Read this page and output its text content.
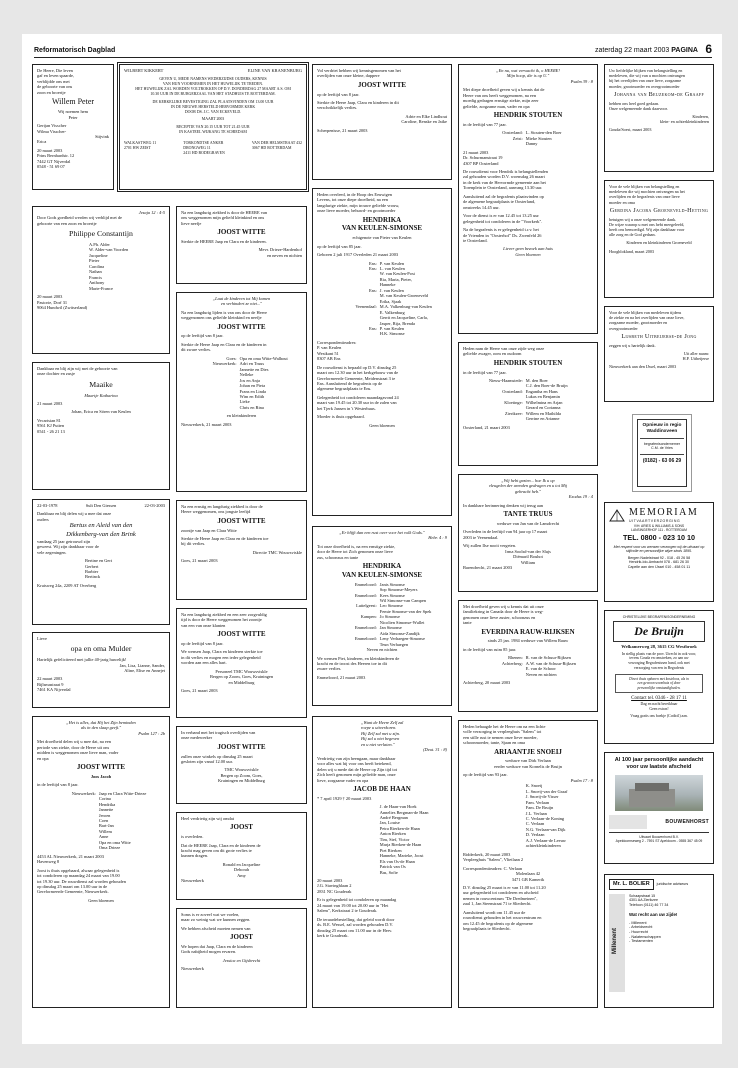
Reformatorisch Dagblad	zaterdag 22 maart 2003 PAGINA 6

De Heere, Die leven

gaf en leven spaarde,

verblijdde ons met

de geboorte van ons

zoon en broertje

Willem Peter

Wij noemen hem

Peter

Gertjan Visscher

Wilma Visscher-

Stijvink

Erica

20 maart 2003

Prins Bernhardstr. 12

7442 GT Nijverdal

0548 - 51 69 07

Jesaja 12 : 4-5

Door Gods goedheid werden wij verblijd met de

geboorte van een zoon en broertje

Philippe Constantijn

A.Ph. Alder

W. Alder-van Voorden

Jacqueline

Pieter

Carolina

Nathan

Francis

Anthony

Marie-France

20 maart 2003

Pastorie, Dorf 31

9064 Hundwil (Zwitserland)

Dankbaar en blij zijn wij met de geboorte van

onze dochter en zusje

Maaike

Maartje Katharina

21 maart 2003

Johan, Erica en Sören van Keulen

Vecartsian 81

9561 KJ Putten

0541 - 26 21 13

22-03-1978	Sult Den Giessen	22-03-2003

Dankbaar en blij delen wij u mee dat onze

ouders

Bertus en Aleid van den

Dikkenberg-van den Brink

vandaag 25 jaar getrouwd zijn

geweest. Wij zijn dankbaar voor de

vele zegeningen.

Bertine en Gert

Gerbert

Barbier

Bertinck

Kruisweg 24a, 2209 AT Overberg

Lieve

opa en oma Mulder

Hartelijk gefeliciteerd met jullie 40-jarig huwelijk!

Jan, Lisa, Lianne, Sander,

Aline, Elise en Annejet

22 maart 2003

Bijlsmastraat 9

7461 KA Nijverdal

„Het is alles, dat Hij het Zijn beminden

als in den slaap geeft."

Psalm 127 : 2b

Met droefheid delen wij u mee dat, na een

periode van ziekte, door de Heere uit ons

midden is weggenomen onze lieve man, vader

en opa

JOOST WITTE

Joos Jacob

in de leeftijd van 8 jaar.

Nieuwerkerk: Jaap en Clara Witte-Drieze
Corina
Hendrika
Jannette
Jeroen
Coen
Bart-Jan
Willem
Anne
Opa en oma Witte
Oma Drieze

4453 AL Nieuwerkerk, 21 maart 2003

Havenweg 8

Joost is thuis opgebaard, alwaar gelegenheid is

tot condoleren op maandag 24 maart van 19.00

tot 19.30 uur. De rouwdienst zal worden gehouden

op dinsdag 25 maart om 13.00 uur in de

Gereformeerde Gemeente, Nieuwerkerk.

Geen bloemen

WILBERT KIKKERT	ELINE VAN KRANENBURG

GEVEN U, MEDE NAMENS WEDERZIJDSE OUDERS, KENNIS

VAN HUN VOORNEMEN IN HET HUWELIJK TE TREDEN.

HET HUWELIJK ZAL WORDEN VOLTROKKEN OP D.V. DONDERDAG 27 MAART A.S. OM

10.30 UUR IN DE BURGERZAAL VAN HET STADHUIS TE ROTTERDAM.

DE KERKELIJKE BEVESTIGING ZAL PLAATSVINDEN OM 13.00 UUR

IN DE NIEUWE HERSTELD HERVORMDE KERK

DOOR DS. J.C. VAN ECKEVELD.

MAART 2003

RECEPTIE VAN 20.15 UUR TOT 21.45 UUR

IN KASTEEL WIJKANG TE SCHIEDAM

WALKASTWEG 11

2701 HW ZEIST

TORKONDTSE ANKER

DRONGWEG 11

2411 HD BODEGRAVEN

VAN DER HELMSTRAAT 432

3067 HD ROTTERDAM

Na een langdurig ziekbed is door de HEERE van

ons weggenomen mijn geliefd kleinkind en ons

lieve neefje

JOOST WITTE

Sterkte de HEERE Jaap en Clara en de kinderen.

Mevr. Drieze-Hardenhof

en neven en nichten

„Laat de kinderen tot Mij komen

en verhindert ze niet..."

Na een langdurig lijden is van ons door de Heere

weggenomen ons geliefde kleinkind en neefje

JOOST WITTE

op de leeftijd van 8 jaar.

Sterkte de Heere Jaap en Clara en de kinderen in

dit zware verlies.

Goes: Opa en oma Witte-Walhout
Nieuwerkerk: Adri en Truus
Jannette en Dies
Nelleke
Jos en Anja
Johan en Pieta
Frans en Linda
Wim en Edith
Lieke
Chris en Rina

en kleinkinderen

Nieuwerkerk, 21 maart 2003

Na een ernstig en langdurig ziekbed is door de

Heere weggenomen, ons jongste leefijd

JOOST WITTE

zoontje van Jaap en Clara Witte

Sterkte de Heere Jaap en Clara en de kinderen toe

bij dit verlies.

Directie TMC Wouwsviskle

Goes, 21 maart 2003

Na een langdurig ziekbed en een zeer zorgvuldig

tijd is door de Heere weggenomen het zoontje

van een van onze klanten

JOOST WITTE

op de leeftijd van 8 jaar.

We wensen Jaap, Clara en kinderen sterkte toe

in dit verlies en mogen een ieder gelegenheid

worden aan een alles hart.

Personeel TMC Wouwsviskle

Bergen op Zoom, Goes, Kruiningen

en Middelburg

Goes, 21 maart 2003

In verband met het tragisch overlijden van

onze medewerker

JOOST WITTE

zullen onze winkels op dinsdag 25 maart

gesloten zijn vanaf 12.00 uur.

TMC Wouwsviskle

Bergen op Zoom, Goes,

Kruiningen en Middelburg

Heel verdrietig zijn wij omdat

JOOST

is overleden.

Dat de HEERE Jaap, Clara en de kinderen de

kracht mag geven om dit grote verlies te

kunnen dragen.

Ronald en Jacqueline

Deborah

Amy

Nieuwerkerk

Soms is er zoveel wat we voelen,

maar zo weinig wat we kunnen zeggen.

We hebben afscheid moeten nemen van

JOOST

We hopen dat Jaap, Clara en de kinderen

Gods nabijheid mogen ervaren.

Jessica en Gijsbrecht

Nieuwerkerk

Vol verdriet hebben wij kennisgenomen van het

overlijden van onze kleine, dappere

JOOST WITTE

op de leeftijd van 8 jaar.

Sterkte de Heere Jaap, Clara en kinderen in dit

verschrikkelijk verlies.

Adrie en Elke Lindhout

Caroline, Renske en Jaike

Scherpenisse, 21 maart 2003

Heden overleed, in de Hoop des Eeuwigen

Levens, tot onze diepe droefheid, na een

langdurige ziekte, mijn trouwe geliefde vrouw,

onze lieve moeder, behuwd- en grootmoeder

HENDRIKA
VAN KEULEN-SIMONSE

echtgenote van Pieter van Keulen

op de leeftijd van 85 jaar.

Geboren 2 juli 1917 Overleden 21 maart 2003

Ens: P. van Keulen
Ens: L. van Keulen
W. van Keulen-Post
Ria, Maria, Pieter,
Hanneke
Ens: J. van Keulen
M. van Keulen-Groeneveld
Erika, Sjaak
Veenendaal: M.A. Valkenburg-van Keulen
E. Valkenburg
Gerrit en Jacqueline, Carla,
Jasper, Rija, Brenda
Ens: P. van Keulen
H.K. Simonse

Correspondentieadres:

P. van Keulen

Westkant 51

8307 AB Ens

De rouwdienst is bepaald op D.V. dinsdag 25

maart om 12.30 uur in het kerkgebouw van de

Gereformeerde Gemeente, Meidenstraat 3 te

Ens. Aansluitend de begrafenis op de

algemene begraafplaats te Ens.

Gelegenheid tot condoleren maandagavond 24

maart van 19.45 tot 20.30 uur in de zalen van

het Tjerk Jansen in 't Westerhuus.

Moeder is thuis opgebaard.

Geen bloemen

„Er blijft dan een rust over voor het volk Gods."

Hebr. 4 : 9

Tot onze droefheid is, na een ernstige ziekte,

door de Heere tot Zich genomen onze lieve

zus, schoonzus en tante

HENDRIKA
VAN KEULEN-SIMONSE
Emmeloord: Janis Simonse
Sop Simonse-Meyers
Emmeloord: Kees Simonse
Wil Simonse-van Campen
Luttelgeest: Leo Simonse
Femie Simonse-van der Spek
Kampen: Jo Simonse
Nicolien Simonse-Wullet
Emmeloord: Jan Simonse
Aida Simonse-Zandijk
Emmeloord: Leny Verhaegen-Simonse
Teun Verhaegen

Neven en nichten

We wensen Piet, kinderen, en kleinkinderen de

kracht en de troost des Heeren toe in dit

zware verlies.

Emmeloord, 21 maart 2003

„Want de Heere Zelf zal

roepe u uitverkoren.

Hij Zelf zal met u zijn.

Hij zal u niet begeven

en u niet verlaten."

(Deut. 31 : 8)

Verdrietig van zijn heengaan, maar dankbaar

voor alles wat hij voor ons heeft betekend,

delen wij u mede dat de Heere op Zijn tijd tot

Zich heeft genomen mijn geliefde man, onze

lieve, zorgzame vader en opa

JACOB DE HAAN

* 7 april 1929 † 20 maart 2003

J. de Haan-van Hoek
Annelies Bergman-de Haan
André Bergman
Jan, Louise
Petra Rierken-de Haan
Anton Rierken
Tim, Stef, Victor
Marja Rierken-de Haan
Piet Rierken
Hanneke, Marieke, Joost
Els van Os-de Haan
Patrick van Os
Bas, Sofie

20 maart 2003

J.G. Stavinghlaan 2

2831 NC Gouderak

Er is gelegenheid tot condoleren op maandag

24 maart van 19.00 tot 20.00 uur in "Het

Salem", Kerkstraat 2 te Gouderak.

De teraardebestelling, dat geleid wordt door

ds. B.E. Wessel, zal worden gehouden D.V.

dinsdag 25 maart om 11.00 uur in de Herv.

kerk te Gouderak.

„En nu, wat verwacht ik, o HEERE!

Mijn hoop, die is op U."

Psalm 39 : 8

Met diepe droefheid geven wij u kennis dat de

Heere van ons heeft weggenomen, na een

moedig gedragen ernstige ziekte, mijn zeer

geliefde, zorgzame man, vader en opa

HENDRIK STOUTEN

in de leeftijd van 77 jaar.

Oosterland: L. Stouten-den Boer
Zeist: Mieke Stouten
Danny

21 maart 2003

Dr. Schurmanstraat 19

4307 BP Oosterland

De rouwdienst voor Hendrik is belangstellenden

zal gehouden worden D.V. woensdag 26 maart

in de kerk van de Hervormde gemeente aan het

Torenplein te Oosterland, aanvang 13.30 uur.

Aansluitend zal de begrafenis plaatsvinden op

de algemene begraafplaats te Oosterland,

omstreeks 14.45 uur.

Voor de dienst is er van 12.45 tot 13.25 uur

gelegenheid tot condoleren in de "Voorkerk".

Na de begrafenis is er gelegenheid t.r.v. het

de Vrienden in "Oosterhof" Ds. Zwenfeld 26

te Oosterland.

Liever geen bezoek aan huis

Geen bloemen

Heden nam de Heere van onze zijde weg onze

geliefde zwager, oom en oudoom

HENDRIK STOUTEN

in de leeftijd van 77 jaar.

Nieuw-Haamstede: M. den Boer
C.J. den Boer-de Bruijn
Oosterland: Engantha en Hans
Lukas en Benjamin
Kloetinge: Wilhelmina en Arjan
Gerard en Corianna
Zierikzee: Willem en Mathilda
Gerrine en Arianne

Oosterland, 21 maart 2003

„Wij hebt gezien... hoe Ik u op

vleugelen der arenden gedragen en u tot Mij

gebracht heb."

Exodus 19 : 4

In dankbare herinnering denken wij terug aan

TANTE TRUUS

weduwe van Jan van de Lansdrecht

Overleden in de leeftijd van 94 jaar op 17 maart

2003 te Veenendaal.

Wij zullen Ilse nooit vergeten.

Irma Soolsd-van der Slujs

Diëmaril Bouhot

William

Barendrecht, 21 maart 2003

Met droefheid geven wij u kennis dat uit onze

familiekring in Canada door de Heere is weg-

genomen onze lieve zuster, schoonzus en

tante

EVERDINA RAUW-RIJKSEN

sinds 25 jan. 1984 weduwe van Willem Rauw

in de leeftijd van ruim 85 jaar.

Rhenen: R. van de Schuur-Rijksen
Achterberg: A.W. van de Schuur-Rijksen
E. van de Schoor
Neven en nichten

Achterberg, 20 maart 2003

Heden behaagde het de Heere om na een lichte

volle verzorging in verpleeghuis "Salem" tot

een stille rust te nemen onze lieve moeder,

schoonmoeder, tante, Sjaan en oma

ARIAANTJE SNOEIJ

weduwe van Dirk Verlaan

eerder weduwe van Kornelis de Bruijn

op de leeftijd van 93 jaar.

Psalm 17 : 8

K. Snoeij
L. Snoeij-van der Graaf
J. Snoeij-de Visser
Fam. Verlaan
Fam. De Bruijn
J.L. Verlaan
C. Verlaan-de Koning
C. Verlaan
N.G. Verlaan-van Dijk
D. Verlaan
A.J. Verlaan-de Leeuw
achterkleinkinderen

Ridderkerk, 20 maart 2003

Verpleeghuis "Salem", Vlietlaan 2

Correspondentieadres: C. Verlaan

Molenlaan 42

3471 GB Kamerik

D.V. dinsdag 25 maart is er van 11.00 tot 11.20

uur gelegenheid tot condoleren en afscheid

nemen in rouwcentrum "De Dredmeinen",

zaal 1, Jan Steenstraat 71 te Sliedrecht.

Aansluitend wordt om 11.45 uur de

rouwdienst gehouden in het rouwcentrum en

om 12.45 de begrafenis op de algemene

begraafplaats te Sliedrecht.

Uw liefdelijke blijken van belangstelling en

medeleven, die wij van u mochten ontvangen

bij het overlijden van onze lieve, zorgzame

moeder, grootmoeder en overgrootmoeder

Johanna van Beuzekom-de Graaff

hebben ons heel goed gedaan.

Onze welgemeende dank daarvoor.

Kinderen,

klein- en achterkleinkinderen

Gouda/Soest, maart 2003

Voor de vele blijken van belangstelling en

medeleven die wij mochten ontvangen na het

overlijden en de begrafenis van onze lieve

moeder en oma

Gerdina Jacoba Groeneveld-Hetting

betuigen wij u onze welgemeende dank.

De wijze waarop u met ons hebt meegeleefd,

heeft ons bemoedigd. Wij zijn dankbaar voor

alle zorg en de God gedaan.

Kinderen en kleinkinderen Groeneveld

Hoogblokland, maart 2003

Voor de vele blijken van medeleven tijdens

de ziekte en na het overlijden van onze lieve,

zorgzame moeder, grootmoeder en

overgrootmoeder

Lijsbeth Uitbeijerse-de Jong

zeggen wij u hartelijk dank.

Uit aller naam:

H.P. Uitbeijerse

Nieuwerkerk aan den IJssel, maart 2003

Opnieuw in regio

Waddinxveen

begrafenisondernemer

C.M. de Vries

(0182) - 63 06 29

MEMORIAM

UITVAARTVERZORGING

V/H: ARIES & WILLIAMS & SONS

LANSINGERHOF 111 - ROTTERDAM

TEL. 0800 - 023 10 10

Met respect voor uw wensen verzorgen wij de uitvaart op

stijlvolle en persoonlijke wijze sinds 1895.

Bergen Nadelstraat 92 - 018 - 45 26 58

Hendrik-Ido-Ambacht 078 - 681 26 30

Capelle aan den IJssel 010 - 458 01 11

CHRISTELIJKE BEGRAFENISONDERNEMING

De Bruijn

Welkamerweg 28, 3615 CG Westbroek

In stellig plaats van de prov. Utrecht in ook voor,

tevens Gouda en omstreken, zo aan uw

verzorging Begrafenissen hand, ook met

verzorging van een in Begrafenis

Direct thuis opbaren met kosteloos, als in

een gewoon woonhuis of door

persoonlijke omstandigheden.

Contact tel. 0346 - 28 17 11

Dag en nacht bereikbaar

Geen extras!

Vraag gratis ons boekje (Codicil) aan.

Al 100 jaar persoonlijke aandacht

voor uw laatste afscheid

BOUWENHORST

Uitvaart Bouwenhorst B.V.

Apeldoornseweg 2 - 7591 ST Apeldoorn - 0555 367 45 09

Mr. L. BOLIER	juridische adviseurs

Millenent

Schaapstraat 15

4301 AA Zierikzee

Telefoon (0111) 46 77 34

Wat recht aan uw zijde!

- Millenent

- Arbeidsrecht

- Huurrecht

- Nalatenschappen

- Testamenten
